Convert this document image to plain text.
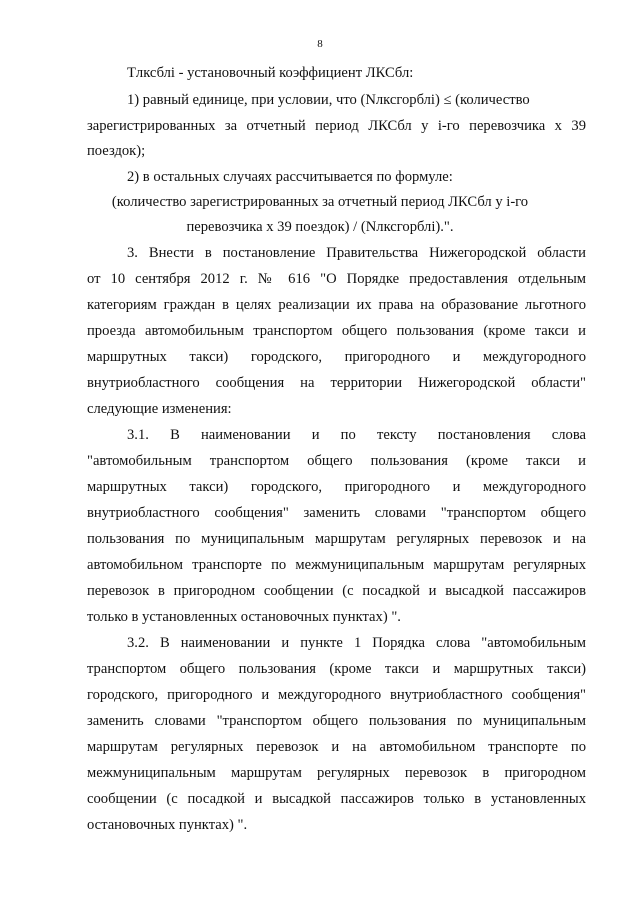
8
Tлксблi - установочный коэффициент ЛКСбл:
1) равный единице, при условии, что (Nлксгорблi) ≤ (количество
зарегистрированных за отчетный период ЛКСбл у i-го перевозчика х 39
поездок);
2) в остальных случаях рассчитывается по формуле:
(количество зарегистрированных за отчетный период ЛКСбл у i-го
перевозчика х 39 поездок) / (Nлксгорблi).".
3. Внести в постановление Правительства Нижегородской области
от 10 сентября 2012 г. № 616 "О Порядке предоставления отдельным
категориям граждан в целях реализации их права на образование льготного
проезда автомобильным транспортом общего пользования (кроме такси и
маршрутных такси) городского, пригородного и междугородного
внутриобластного сообщения на территории Нижегородской области"
следующие изменения:
3.1. В наименовании и по тексту постановления слова
"автомобильным транспортом общего пользования (кроме такси и
маршрутных такси) городского, пригородного и междугородного
внутриобластного сообщения" заменить словами "транспортом общего
пользования по муниципальным маршрутам регулярных перевозок и на
автомобильном транспорте по межмуниципальным маршрутам регулярных
перевозок в пригородном сообщении (с посадкой и высадкой пассажиров
только в установленных остановочных пунктах) ".
3.2. В наименовании и пункте 1 Порядка слова "автомобильным
транспортом общего пользования (кроме такси и маршрутных такси)
городского, пригородного и междугородного внутриобластного сообщения"
заменить словами "транспортом общего пользования по муниципальным
маршрутам регулярных перевозок и на автомобильном транспорте по
межмуниципальным маршрутам регулярных перевозок в пригородном
сообщении (с посадкой и высадкой пассажиров только в установленных
остановочных пунктах) ".
